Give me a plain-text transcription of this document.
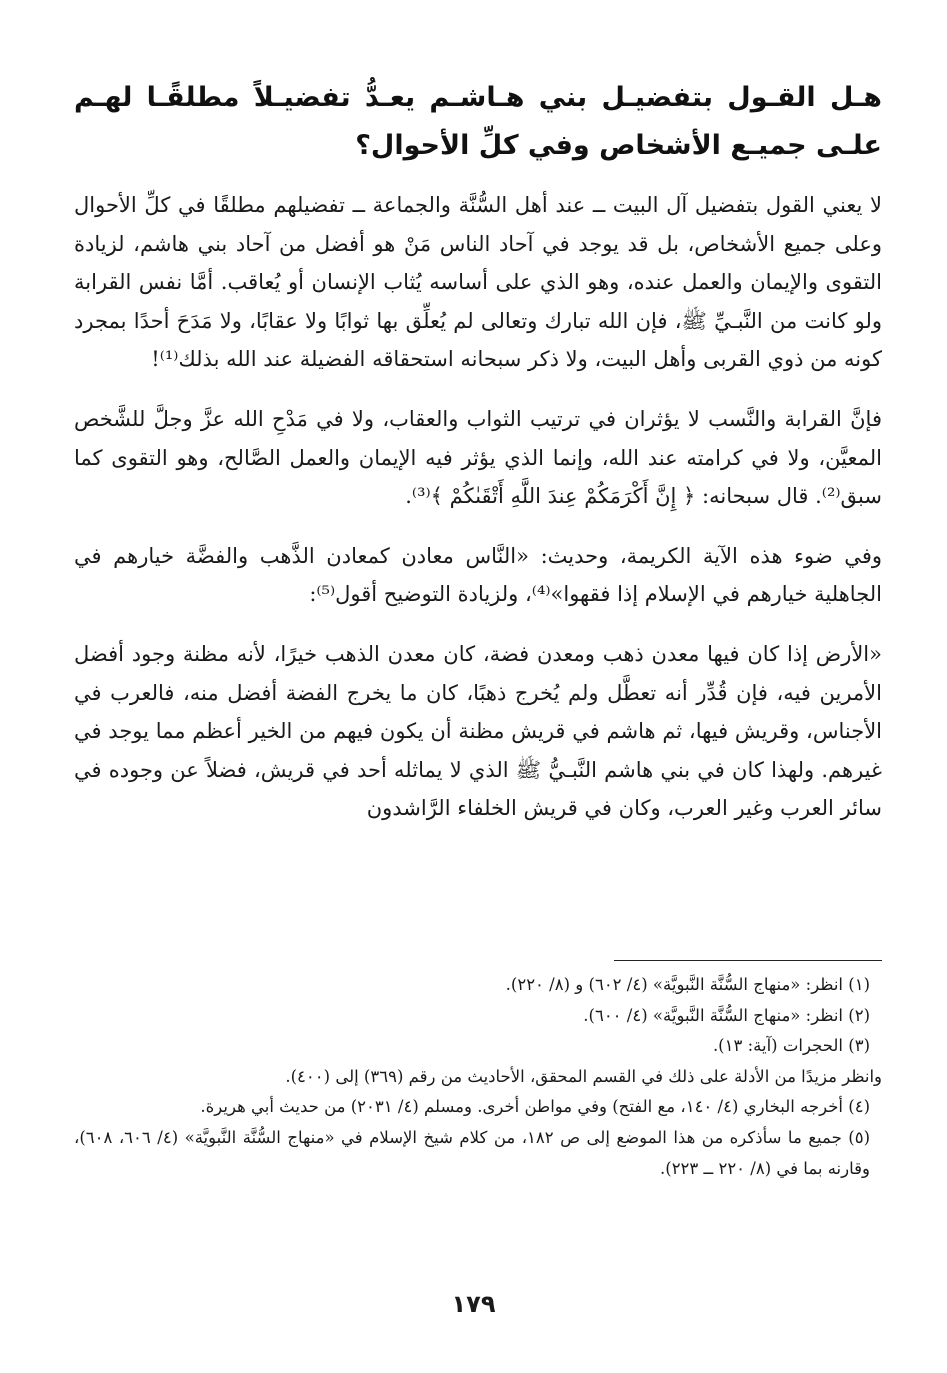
هـل القـول بتفضيـل بني هـاشـم يعـدُّ تفضيـلاً مطلقًـا لهـم علـى جميـع الأشخاص وفي كلِّ الأحوال؟

لا يعني القول بتفضيل آل البيت ــ عند أهل السُّنَّة والجماعة ــ تفضيلهم مطلقًا في كلِّ الأحوال وعلى جميع الأشخاص، بل قد يوجد في آحاد الناس مَنْ هو أفضل من آحاد بني هاشم، لزيادة التقوى والإيمان والعمل عنده، وهو الذي على أساسه يُثاب الإنسان أو يُعاقب. أمَّا نفس القرابة ولو كانت من النَّبـيِّ ﷺ، فإن الله تبارك وتعالى لم يُعلِّق بها ثوابًا ولا عقابًا، ولا مَدَحَ أحدًا بمجرد كونه من ذوي القربى وأهل البيت، ولا ذكر سبحانه استحقاقه الفضيلة عند الله بذلك⁽¹⁾!

فإنَّ القرابة والنَّسب لا يؤثران في ترتيب الثواب والعقاب، ولا في مَدْحِ الله عزَّ وجلَّ للشَّخص المعيَّن، ولا في كرامته عند الله، وإنما الذي يؤثر فيه الإيمان والعمل الصَّالح، وهو التقوى كما سبق⁽²⁾. قال سبحانه: ﴿ إِنَّ أَكْرَمَكُمْ عِندَ اللَّهِ أَتْقَىٰكُمْ ﴾⁽³⁾.

وفي ضوء هذه الآية الكريمة، وحديث: «النَّاس معادن كمعادن الذَّهب والفضَّة خيارهم في الجاهلية خيارهم في الإسلام إذا فقهوا»⁽⁴⁾، ولزيادة التوضيح أقول⁽⁵⁾:

«الأرض إذا كان فيها معدن ذهب ومعدن فضة، كان معدن الذهب خيرًا، لأنه مظنة وجود أفضل الأمرين فيه، فإن قُدِّر أنه تعطَّل ولم يُخرج ذهبًا، كان ما يخرج الفضة أفضل منه، فالعرب في الأجناس، وقريش فيها، ثم هاشم في قريش مظنة أن يكون فيهم من الخير أعظم مما يوجد في غيرهم. ولهذا كان في بني هاشم النَّبـيُّ ﷺ الذي لا يماثله أحد في قريش، فضلاً عن وجوده في سائر العرب وغير العرب، وكان في قريش الخلفاء الرَّاشدون

(١) انظر: «منهاج السُّنَّة النَّبويَّة» (٤/ ٦٠٢) و (٨/ ٢٢٠).

(٢) انظر: «منهاج السُّنَّة النَّبويَّة» (٤/ ٦٠٠).

(٣) الحجرات (آية: ١٣).

وانظر مزيدًا من الأدلة على ذلك في القسم المحقق، الأحاديث من رقم (٣٦٩) إلى (٤٠٠).

(٤) أخرجه البخاري (٤/ ١٤٠، مع الفتح) وفي مواطن أخرى. ومسلم (٤/ ٢٠٣١) من حديث أبي هريرة.

(٥) جميع ما سأذكره من هذا الموضع إلى ص ١٨٢، من كلام شيخ الإسلام في «منهاج السُّنَّة النَّبويَّة» (٤/ ٦٠٦، ٦٠٨)، وقارنه بما في (٨/ ٢٢٠ ــ ٢٢٣).

١٧٩
